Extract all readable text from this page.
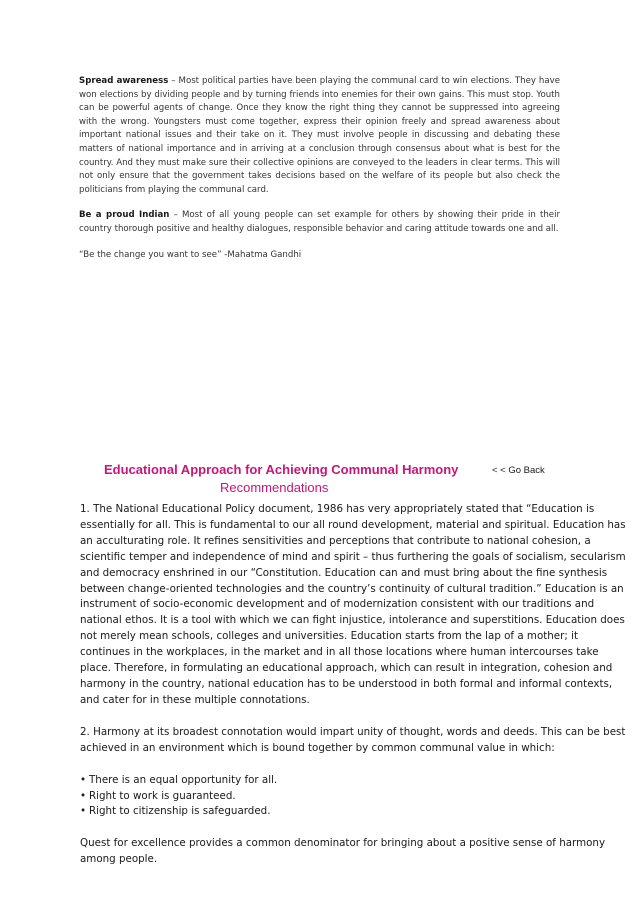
Spread awareness – Most political parties have been playing the communal card to win elections. They have won elections by dividing people and by turning friends into enemies for their own gains. This must stop. Youth can be powerful agents of change. Once they know the right thing they cannot be suppressed into agreeing with the wrong. Youngsters must come together, express their opinion freely and spread awareness about important national issues and their take on it. They must involve people in discussing and debating these matters of national importance and in arriving at a conclusion through consensus about what is best for the country. And they must make sure their collective opinions are conveyed to the leaders in clear terms. This will not only ensure that the government takes decisions based on the welfare of its people but also check the politicians from playing the communal card.

Be a proud Indian – Most of all young people can set example for others by showing their pride in their country thorough positive and healthy dialogues, responsible behavior and caring attitude towards one and all.

“Be the change you want to see” -Mahatma Gandhi

Educational Approach for Achieving Communal Harmony	< < Go Back
Recommendations

1. The National Educational Policy document, 1986 has very appropriately stated that “Education is essentially for all. This is fundamental to our all round development, material and spiritual. Education has an acculturating role. It refines sensitivities and perceptions that contribute to national cohesion, a scientific temper and independence of mind and spirit – thus furthering the goals of socialism, secularism and democracy enshrined in our “Constitution. Education can and must bring about the fine synthesis between change-oriented technologies and the country’s continuity of cultural tradition.” Education is an instrument of socio-economic development and of modernization consistent with our traditions and national ethos. It is a tool with which we can fight injustice, intolerance and superstitions. Education does not merely mean schools, colleges and universities. Education starts from the lap of a mother; it continues in the workplaces, in the market and in all those locations where human intercourses take place. Therefore, in formulating an educational approach, which can result in integration, cohesion and harmony in the country, national education has to be understood in both formal and informal contexts, and cater for in these multiple connotations.

2. Harmony at its broadest connotation would impart unity of thought, words and deeds. This can be best achieved in an environment which is bound together by common communal value in which:

• There is an equal opportunity for all.
• Right to work is guaranteed.
• Right to citizenship is safeguarded.

Quest for excellence provides a common denominator for bringing about a positive sense of harmony among people.
